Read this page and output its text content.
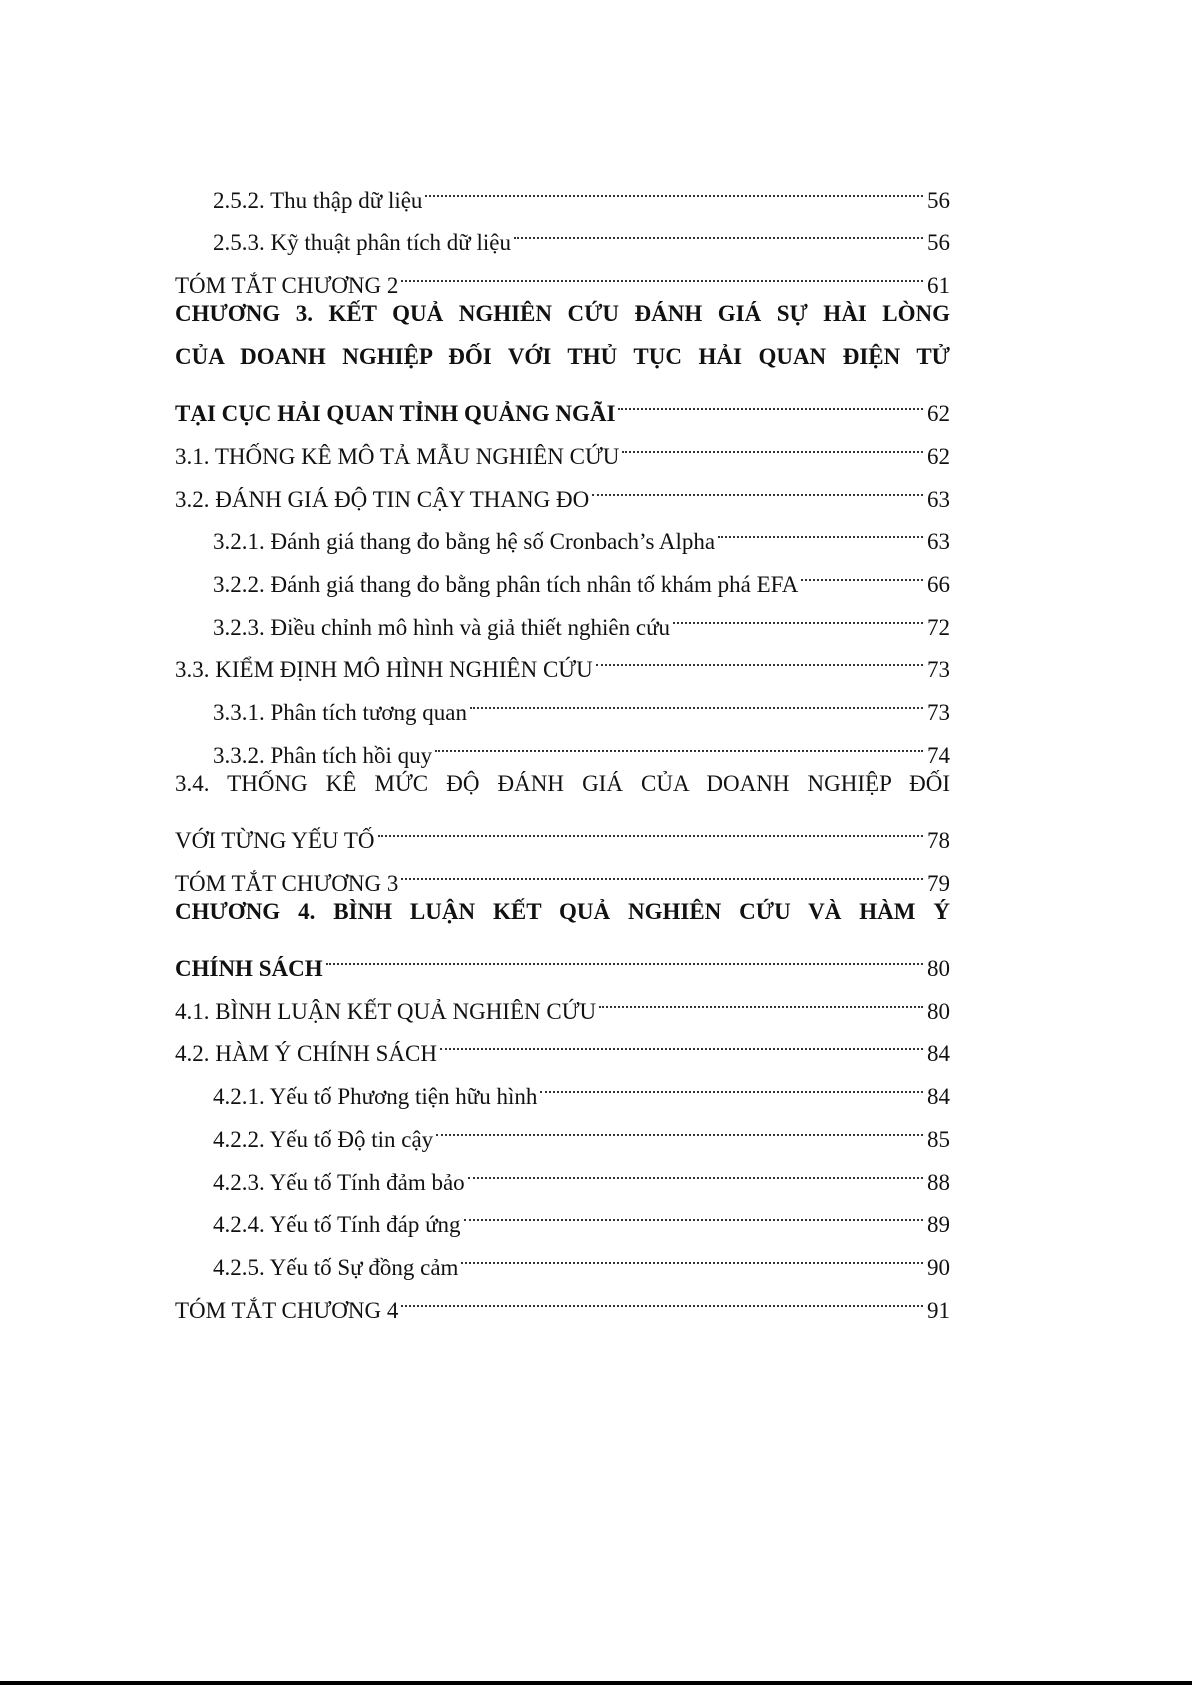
2.5.2. Thu thập dữ liệu	56
2.5.3. Kỹ thuật phân tích dữ liệu	56
TÓM TẮT CHƯƠNG 2	61
CHƯƠNG 3. KẾT QUẢ NGHIÊN CỨU ĐÁNH GIÁ SỰ HÀI LÒNG
CỦA DOANH NGHIỆP ĐỐI VỚI THỦ TỤC HẢI QUAN ĐIỆN TỬ
TẠI CỤC HẢI QUAN TỈNH QUẢNG NGÃI	62
3.1. THỐNG KÊ MÔ TẢ MẪU NGHIÊN CỨU	62
3.2. ĐÁNH GIÁ ĐỘ TIN CẬY THANG ĐO	63
3.2.1. Đánh giá thang đo bằng hệ số Cronbach’s Alpha	63
3.2.2. Đánh giá thang đo bằng phân tích nhân tố khám phá EFA	66
3.2.3. Điều chỉnh mô hình và giả thiết nghiên cứu	72
3.3. KIỂM ĐỊNH MÔ HÌNH NGHIÊN CỨU	73
3.3.1. Phân tích tương quan	73
3.3.2. Phân tích hồi quy	74
3.4. THỐNG KÊ MỨC ĐỘ ĐÁNH GIÁ CỦA DOANH NGHIỆP ĐỐI
VỚI TỪNG YẾU TỐ	78
TÓM TẮT CHƯƠNG 3	79
CHƯƠNG 4. BÌNH LUẬN KẾT QUẢ NGHIÊN CỨU VÀ HÀM Ý
CHÍNH SÁCH	80
4.1. BÌNH LUẬN KẾT QUẢ NGHIÊN CỨU	80
4.2. HÀM Ý CHÍNH SÁCH	84
4.2.1. Yếu tố Phương tiện hữu hình	84
4.2.2. Yếu tố Độ tin cậy	85
4.2.3. Yếu tố Tính đảm bảo	88
4.2.4. Yếu tố Tính đáp ứng	89
4.2.5. Yếu tố Sự đồng cảm	90
TÓM TẮT CHƯƠNG 4	91
